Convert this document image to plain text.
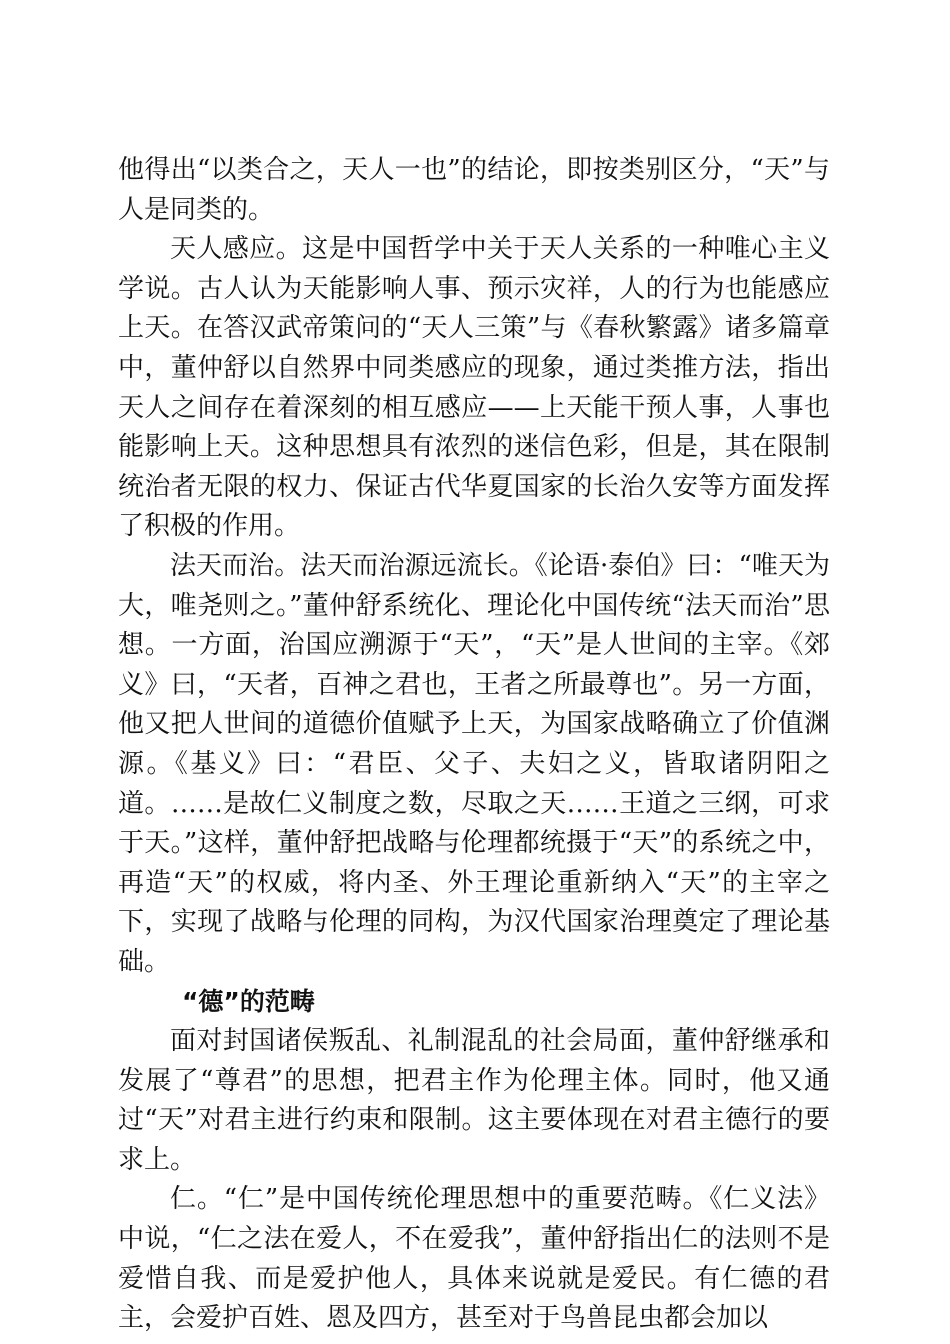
他得出“以类合之，天人一也”的结论，即按类别区分，“天”与人是同类的。

天人感应。这是中国哲学中关于天人关系的一种唯心主义学说。古人认为天能影响人事、预示灾祥，人的行为也能感应上天。在答汉武帝策问的“天人三策”与《春秋繁露》诸多篇章中，董仲舒以自然界中同类感应的现象，通过类推方法，指出天人之间存在着深刻的相互感应——上天能干预人事，人事也能影响上天。这种思想具有浓烈的迷信色彩，但是，其在限制统治者无限的权力、保证古代华夏国家的长治久安等方面发挥了积极的作用。

法天而治。法天而治源远流长。《论语·泰伯》曰：“唯天为大，唯尧则之。”董仲舒系统化、理论化中国传统“法天而治”思想。一方面，治国应溯源于“天”，“天”是人世间的主宰。《郊义》曰，“天者，百神之君也，王者之所最尊也”。另一方面，他又把人世间的道德价值赋予上天，为国家战略确立了价值渊源。《基义》曰：“君臣、父子、夫妇之义，皆取诸阴阳之道。……是故仁义制度之数，尽取之天……王道之三纲，可求于天。”这样，董仲舒把战略与伦理都统摄于“天”的系统之中，再造“天”的权威，将内圣、外王理论重新纳入“天”的主宰之下，实现了战略与伦理的同构，为汉代国家治理奠定了理论基础。

“德”的范畴

面对封国诸侯叛乱、礼制混乱的社会局面，董仲舒继承和发展了“尊君”的思想，把君主作为伦理主体。同时，他又通过“天”对君主进行约束和限制。这主要体现在对君主德行的要求上。

仁。“仁”是中国传统伦理思想中的重要范畴。《仁义法》中说，“仁之法在爱人，不在爱我”，董仲舒指出仁的法则不是爱惜自我、而是爱护他人，具体来说就是爱民。有仁德的君主，会爱护百姓、恩及四方，甚至对于鸟兽昆虫都会加以
